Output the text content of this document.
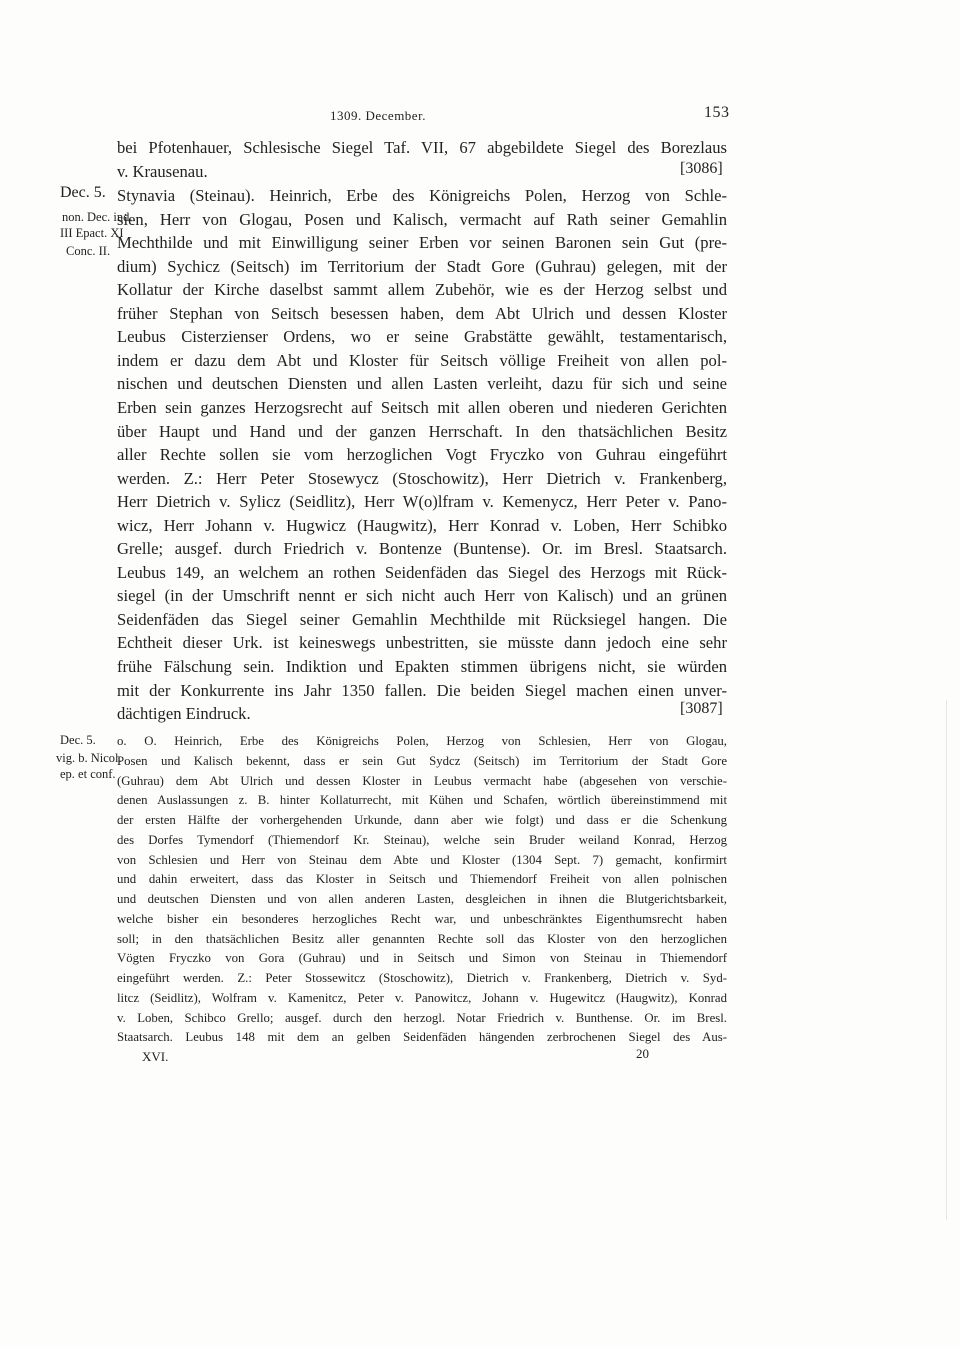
1309. December.	153
bei Pfotenhauer, Schlesische Siegel Taf. VII, 67 abgebildete Siegel des Borezlaus
v. Krausenau.	[3086]
Dec. 5.
non. Dec. ind.
III Epact. XI
Conc. II.
Stynavia (Steinau). Heinrich, Erbe des Königreichs Polen, Herzog von Schle-
sien, Herr von Glogau, Posen und Kalisch, vermacht auf Rath seiner Gemahlin
Mechthilde und mit Einwilligung seiner Erben vor seinen Baronen sein Gut (pre-
dium) Sychicz (Seitsch) im Territorium der Stadt Gore (Guhrau) gelegen, mit der
Kollatur der Kirche daselbst sammt allem Zubehör, wie es der Herzog selbst und
früher Stephan von Seitsch besessen haben, dem Abt Ulrich und dessen Kloster
Leubus Cisterzienser Ordens, wo er seine Grabstätte gewählt, testamentarisch,
indem er dazu dem Abt und Kloster für Seitsch völlige Freiheit von allen pol-
nischen und deutschen Diensten und allen Lasten verleiht, dazu für sich und seine
Erben sein ganzes Herzogsrecht auf Seitsch mit allen oberen und niederen Gerichten
über Haupt und Hand und der ganzen Herrschaft. In den thatsächlichen Besitz
aller Rechte sollen sie vom herzoglichen Vogt Fryczko von Guhrau eingeführt
werden. Z.: Herr Peter Stosewycz (Stoschowitz), Herr Dietrich v. Frankenberg,
Herr Dietrich v. Sylicz (Seidlitz), Herr W(o)lfram v. Kemenycz, Herr Peter v. Pano-
wicz, Herr Johann v. Hugwicz (Haugwitz), Herr Konrad v. Loben, Herr Schibko
Grelle; ausgef. durch Friedrich v. Bontenze (Buntense). Or. im Bresl. Staatsarch.
Leubus 149, an welchem an rothen Seidenfäden das Siegel des Herzogs mit Rück-
siegel (in der Umschrift nennt er sich nicht auch Herr von Kalisch) und an grünen
Seidenfäden das Siegel seiner Gemahlin Mechthilde mit Rücksiegel hangen. Die
Echtheit dieser Urk. ist keineswegs unbestritten, sie müsste dann jedoch eine sehr
frühe Fälschung sein. Indiktion und Epakten stimmen übrigens nicht, sie würden
mit der Konkurrente ins Jahr 1350 fallen. Die beiden Siegel machen einen unver-
dächtigen Eindruck.	[3087]
Dec. 5.
vig. b. Nicol.
ep. et conf.
o. O. Heinrich, Erbe des Königreichs Polen, Herzog von Schlesien, Herr von Glogau,
Posen und Kalisch bekennt, dass er sein Gut Sydcz (Seitsch) im Territorium der Stadt Gore
(Guhrau) dem Abt Ulrich und dessen Kloster in Leubus vermacht habe (abgesehen von verschie-
denen Auslassungen z. B. hinter Kollaturrecht, mit Kühen und Schafen, wörtlich übereinstimmend mit
der ersten Hälfte der vorhergehenden Urkunde, dann aber wie folgt) und dass er die Schenkung
des Dorfes Tymendorf (Thiemendorf Kr. Steinau), welche sein Bruder weiland Konrad, Herzog
von Schlesien und Herr von Steinau dem Abte und Kloster (1304 Sept. 7) gemacht, konfirmirt
und dahin erweitert, dass das Kloster in Seitsch und Thiemendorf Freiheit von allen polnischen
und deutschen Diensten und von allen anderen Lasten, desgleichen in ihnen die Blutgerichtsbarkeit,
welche bisher ein besonderes herzogliches Recht war, und unbeschränktes Eigenthumsrecht haben
soll; in den thatsächlichen Besitz aller genannten Rechte soll das Kloster von den herzoglichen
Vögten Fryczko von Gora (Guhrau) und in Seitsch und Simon von Steinau in Thiemendorf
eingeführt werden. Z.: Peter Stossewitcz (Stoschowitz), Dietrich v. Frankenberg, Dietrich v. Syd-
litcz (Seidlitz), Wolfram v. Kamenitcz, Peter v. Panowitcz, Johann v. Hugewitcz (Haugwitz), Konrad
v. Loben, Schibco Grello; ausgef. durch den herzogl. Notar Friedrich v. Bunthense. Or. im Bresl.
Staatsarch. Leubus 148 mit dem an gelben Seidenfäden hängenden zerbrochenen Siegel des Aus-
XVI.	20
